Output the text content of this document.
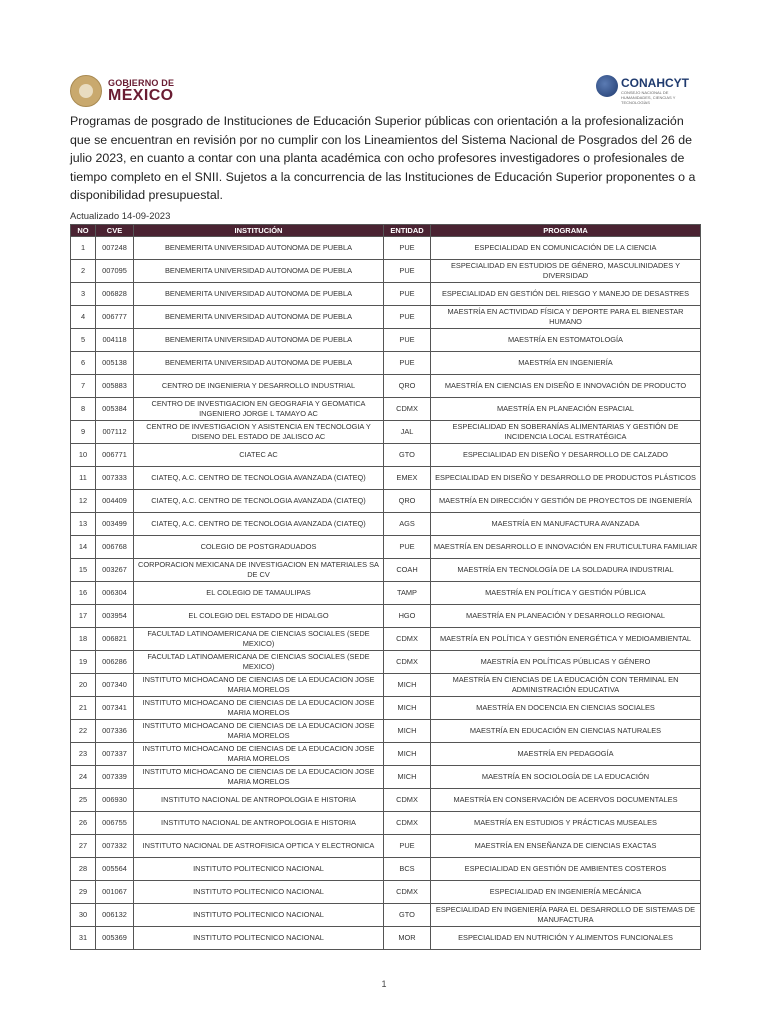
GOBIERNO DE
MÉXICO
CONAHCYT
CONSEJO NACIONAL DE HUMANIDADES, CIENCIAS Y TECNOLOGÍAS

Programas de posgrado de Instituciones de Educación Superior públicas con orientación a la profesionalización que se encuentran en revisión por no cumplir con los Lineamientos del Sistema Nacional de Posgrados del 26 de julio 2023, en cuanto a contar con una planta académica con ocho profesores investigadores o profesionales de tiempo completo en el SNII. Sujetos a la concurrencia de las Instituciones de Educación Superior proponentes o a disponibilidad presupuestal.

Actualizado 14-09-2023
NO	CVE	INSTITUCIÓN	ENTIDAD	PROGRAMA
1	007248	BENEMERITA UNIVERSIDAD AUTONOMA DE PUEBLA	PUE	ESPECIALIDAD EN COMUNICACIÓN DE LA CIENCIA
2	007095	BENEMERITA UNIVERSIDAD AUTONOMA DE PUEBLA	PUE	ESPECIALIDAD EN ESTUDIOS DE GÉNERO, MASCULINIDADES Y DIVERSIDAD
3	006828	BENEMERITA UNIVERSIDAD AUTONOMA DE PUEBLA	PUE	ESPECIALIDAD EN GESTIÓN DEL RIESGO Y MANEJO DE DESASTRES
4	006777	BENEMERITA UNIVERSIDAD AUTONOMA DE PUEBLA	PUE	MAESTRÍA EN ACTIVIDAD FÍSICA Y DEPORTE PARA EL BIENESTAR HUMANO
5	004118	BENEMERITA UNIVERSIDAD AUTONOMA DE PUEBLA	PUE	MAESTRÍA EN ESTOMATOLOGÍA
6	005138	BENEMERITA UNIVERSIDAD AUTONOMA DE PUEBLA	PUE	MAESTRÍA EN INGENIERÍA
7	005883	CENTRO DE INGENIERIA Y DESARROLLO INDUSTRIAL	QRO	MAESTRÍA EN CIENCIAS EN DISEÑO E INNOVACIÓN DE PRODUCTO
8	005384	CENTRO DE INVESTIGACION EN GEOGRAFIA Y GEOMATICA INGENIERO JORGE L TAMAYO AC	CDMX	MAESTRÍA EN PLANEACIÓN ESPACIAL
9	007112	CENTRO DE INVESTIGACION Y ASISTENCIA EN TECNOLOGIA Y DISENO DEL ESTADO DE JALISCO AC	JAL	ESPECIALIDAD EN SOBERANÍAS ALIMENTARIAS Y GESTIÓN DE INCIDENCIA LOCAL ESTRATÉGICA
10	006771	CIATEC AC	GTO	ESPECIALIDAD EN DISEÑO Y DESARROLLO DE CALZADO
11	007333	CIATEQ, A.C. CENTRO DE TECNOLOGIA AVANZADA (CIATEQ)	EMEX	ESPECIALIDAD EN DISEÑO Y DESARROLLO DE PRODUCTOS PLÁSTICOS
12	004409	CIATEQ, A.C. CENTRO DE TECNOLOGIA AVANZADA (CIATEQ)	QRO	MAESTRÍA EN DIRECCIÓN Y GESTIÓN DE PROYECTOS DE INGENIERÍA
13	003499	CIATEQ, A.C. CENTRO DE TECNOLOGIA AVANZADA (CIATEQ)	AGS	MAESTRÍA EN MANUFACTURA AVANZADA
14	006768	COLEGIO DE POSTGRADUADOS	PUE	MAESTRÍA EN DESARROLLO E INNOVACIÓN EN FRUTICULTURA FAMILIAR
15	003267	CORPORACION MEXICANA DE INVESTIGACION EN MATERIALES SA DE CV	COAH	MAESTRÍA EN TECNOLOGÍA DE LA SOLDADURA INDUSTRIAL
16	006304	EL COLEGIO DE TAMAULIPAS	TAMP	MAESTRÍA EN POLÍTICA Y GESTIÓN PÚBLICA
17	003954	EL COLEGIO DEL ESTADO DE HIDALGO	HGO	MAESTRÍA EN PLANEACIÓN Y DESARROLLO REGIONAL
18	006821	FACULTAD LATINOAMERICANA DE CIENCIAS SOCIALES (SEDE MEXICO)	CDMX	MAESTRÍA EN POLÍTICA Y GESTIÓN ENERGÉTICA Y MEDIOAMBIENTAL
19	006286	FACULTAD LATINOAMERICANA DE CIENCIAS SOCIALES (SEDE MEXICO)	CDMX	MAESTRÍA EN POLÍTICAS PÚBLICAS Y GÉNERO
20	007340	INSTITUTO MICHOACANO DE CIENCIAS DE LA EDUCACION JOSE MARIA MORELOS	MICH	MAESTRÍA EN CIENCIAS DE LA EDUCACIÓN CON TERMINAL EN ADMINISTRACIÓN EDUCATIVA
21	007341	INSTITUTO MICHOACANO DE CIENCIAS DE LA EDUCACION JOSE MARIA MORELOS	MICH	MAESTRÍA EN DOCENCIA EN CIENCIAS SOCIALES
22	007336	INSTITUTO MICHOACANO DE CIENCIAS DE LA EDUCACION JOSE MARIA MORELOS	MICH	MAESTRÍA EN EDUCACIÓN EN CIENCIAS NATURALES
23	007337	INSTITUTO MICHOACANO DE CIENCIAS DE LA EDUCACION JOSE MARIA MORELOS	MICH	MAESTRÍA EN PEDAGOGÍA
24	007339	INSTITUTO MICHOACANO DE CIENCIAS DE LA EDUCACION JOSE MARIA MORELOS	MICH	MAESTRÍA EN SOCIOLOGÍA DE LA EDUCACIÓN
25	006930	INSTITUTO NACIONAL DE ANTROPOLOGIA E HISTORIA	CDMX	MAESTRÍA EN CONSERVACIÓN DE ACERVOS DOCUMENTALES
26	006755	INSTITUTO NACIONAL DE ANTROPOLOGIA E HISTORIA	CDMX	MAESTRÍA EN ESTUDIOS Y PRÁCTICAS MUSEALES
27	007332	INSTITUTO NACIONAL DE ASTROFISICA OPTICA Y ELECTRONICA	PUE	MAESTRÍA EN ENSEÑANZA DE CIENCIAS EXACTAS
28	005564	INSTITUTO POLITECNICO NACIONAL	BCS	ESPECIALIDAD EN GESTIÓN DE AMBIENTES COSTEROS
29	001067	INSTITUTO POLITECNICO NACIONAL	CDMX	ESPECIALIDAD EN INGENIERÍA MECÁNICA
30	006132	INSTITUTO POLITECNICO NACIONAL	GTO	ESPECIALIDAD EN INGENIERÍA PARA EL DESARROLLO DE SISTEMAS DE MANUFACTURA
31	005369	INSTITUTO POLITECNICO NACIONAL	MOR	ESPECIALIDAD EN NUTRICIÓN Y ALIMENTOS FUNCIONALES
1
